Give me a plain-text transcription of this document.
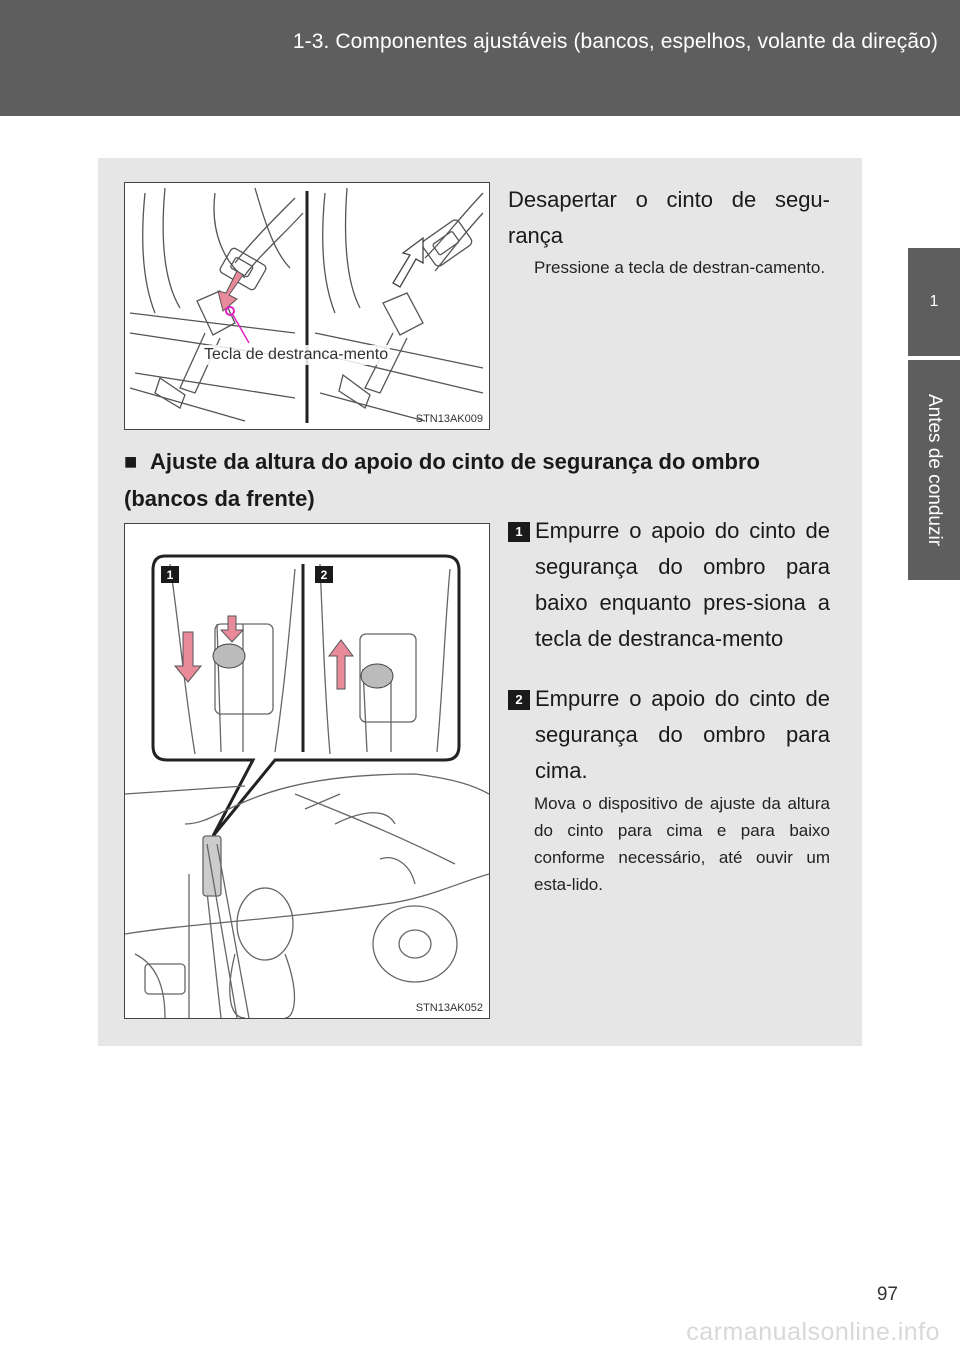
1-3. Componentes ajustáveis (bancos, espelhos, volante da direção)
1
Antes de conduzir
Tecla de destranca-mento
STN13AK009
Desapertar o cinto de segu-rança
Pressione a tecla de destran-camento.
■ Ajuste da altura do apoio do cinto de segurança do ombro (bancos da frente)
1	2
STN13AK052
1 Empurre o apoio do cinto de segurança do ombro para baixo enquanto pres-siona a tecla de destranca-mento
2 Empurre o apoio do cinto de segurança do ombro para cima.
Mova o dispositivo de ajuste da altura do cinto para cima e para baixo conforme necessário, até ouvir um esta-lido.
97
carmanualsonline.info
